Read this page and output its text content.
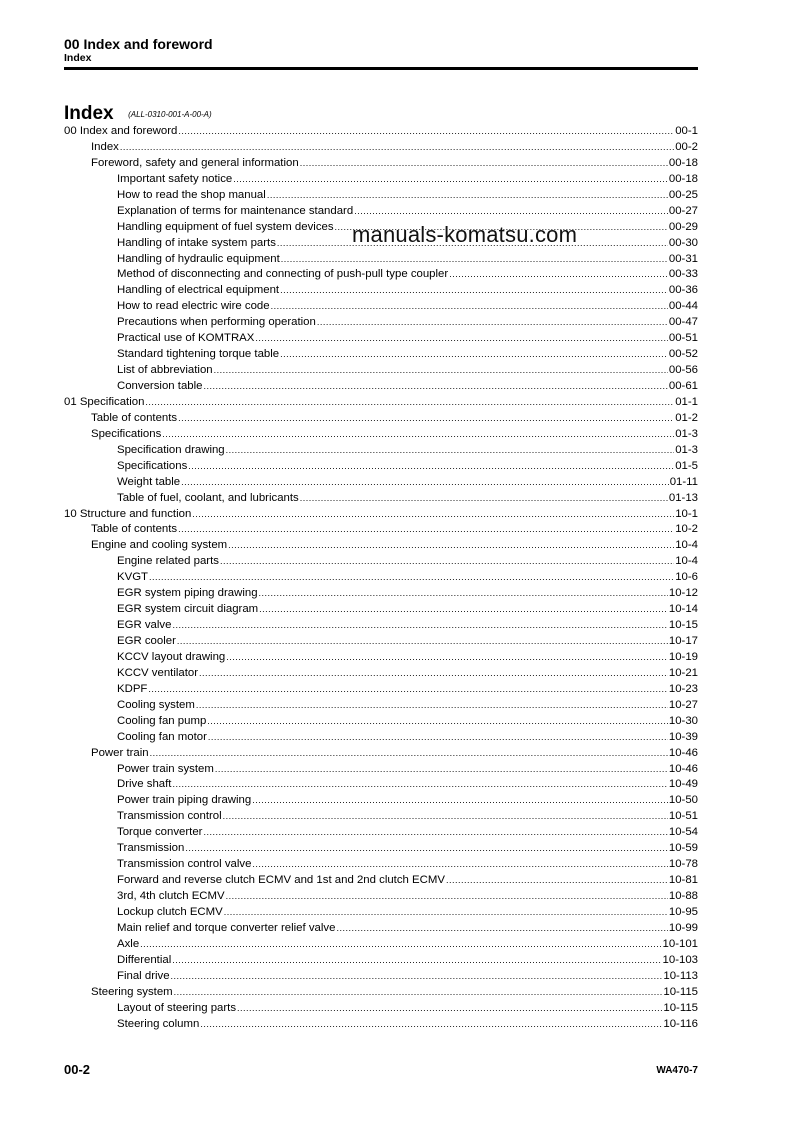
00 Index and foreword
Index
Index (ALL-0310-001-A-00-A)
00 Index and foreword .....	00-1
Index .....	00-2
Foreword, safety and general information .....	00-18
Important safety notice .....	00-18
How to read the shop manual .....	00-25
Explanation of terms for maintenance standard .....	00-27
Handling equipment of fuel system devices .....	00-29
Handling of intake system parts .....	00-30
Handling of hydraulic equipment .....	00-31
Method of disconnecting and connecting of push-pull type coupler .....	00-33
Handling of electrical equipment .....	00-36
How to read electric wire code .....	00-44
Precautions when performing operation .....	00-47
Practical use of KOMTRAX .....	00-51
Standard tightening torque table .....	00-52
List of abbreviation .....	00-56
Conversion table .....	00-61
01 Specification .....	01-1
Table of contents .....	01-2
Specifications .....	01-3
Specification drawing .....	01-3
Specifications .....	01-5
Weight table .....	01-11
Table of fuel, coolant, and lubricants .....	01-13
10 Structure and function .....	10-1
Table of contents .....	10-2
Engine and cooling system .....	10-4
Engine related parts .....	10-4
KVGT .....	10-6
EGR system piping drawing .....	10-12
EGR system circuit diagram .....	10-14
EGR valve .....	10-15
EGR cooler .....	10-17
KCCV layout drawing .....	10-19
KCCV ventilator .....	10-21
KDPF .....	10-23
Cooling system .....	10-27
Cooling fan pump .....	10-30
Cooling fan motor .....	10-39
Power train .....	10-46
Power train system .....	10-46
Drive shaft .....	10-49
Power train piping drawing .....	10-50
Transmission control .....	10-51
Torque converter .....	10-54
Transmission .....	10-59
Transmission control valve .....	10-78
Forward and reverse clutch ECMV and 1st and 2nd clutch ECMV .....	10-81
3rd, 4th clutch ECMV .....	10-88
Lockup clutch ECMV .....	10-95
Main relief and torque converter relief valve .....	10-99
Axle .....	10-101
Differential .....	10-103
Final drive .....	10-113
Steering system .....	10-115
Layout of steering parts .....	10-115
Steering column .....	10-116
manuals-komatsu.com
00-2	WA470-7
